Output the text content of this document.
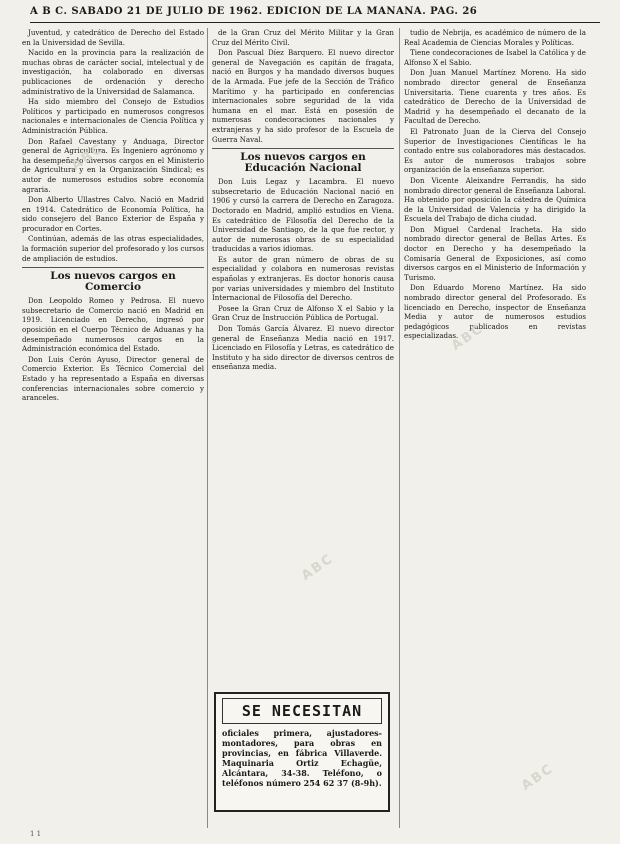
A B C. SABADO 21 DE JULIO DE 1962. EDICION DE LA MAÑANA. PAG. 26

Juventud, y catedrático de Derecho del Estado en la Universidad de Sevilla.

Nacido en la provincia para la realización de muchas obras de carácter social, intelectual y de investigación, ha colaborado en diversas publicaciones de ordenación y derecho administrativo de la Universidad de Salamanca.

Ha sido miembro del Consejo de Estudios Políticos y participado en numerosos congresos nacionales e internacionales de Ciencia Política y Administración Pública.

Don Rafael Cavestany y Anduaga, Director general de Agricultura. Es Ingeniero agrónomo y ha desempeñado diversos cargos en el Ministerio de Agricultura y en la Organización Sindical; es autor de numerosos estudios sobre economía agraria.

Don Alberto Ullastres Calvo. Nació en Madrid en 1914. Catedrático de Economía Política, ha sido consejero del Banco Exterior de España y procurador en Cortes.

Continúan, además de las otras especialidades, la formación superior del profesorado y los cursos de ampliación de estudios.

Los nuevos cargos en Comercio

Don Leopoldo Romeo y Pedrosa. El nuevo subsecretario de Comercio nació en Madrid en 1919. Licenciado en Derecho, ingresó por oposición en el Cuerpo Técnico de Aduanas y ha desempeñado numerosos cargos en la Administración económica del Estado.

Don Luis Cerón Ayuso, Director general de Comercio Exterior. Es Técnico Comercial del Estado y ha representado a España en diversas conferencias internacionales sobre comercio y aranceles.

de la Gran Cruz del Mérito Militar y la Gran Cruz del Mérito Civil.

Don Pascual Díez Barquero. El nuevo director general de Navegación es capitán de fragata, nació en Burgos y ha mandado diversos buques de la Armada. Fue jefe de la Sección de Tráfico Marítimo y ha participado en conferencias internacionales sobre seguridad de la vida humana en el mar. Está en posesión de numerosas condecoraciones nacionales y extranjeras y ha sido profesor de la Escuela de Guerra Naval.

Los nuevos cargos en Educación Nacional

Don Luis Legaz y Lacambra. El nuevo subsecretario de Educación Nacional nació en 1906 y cursó la carrera de Derecho en Zaragoza. Doctorado en Madrid, amplió estudios en Viena. Es catedrático de Filosofía del Derecho de la Universidad de Santiago, de la que fue rector, y autor de numerosas obras de su especialidad traducidas a varios idiomas.

Es autor de gran número de obras de su especialidad y colabora en numerosas revistas españolas y extranjeras. Es doctor honoris causa por varias universidades y miembro del Instituto Internacional de Filosofía del Derecho.

Posee la Gran Cruz de Alfonso X el Sabio y la Gran Cruz de Instrucción Pública de Portugal.

Don Tomás García Álvarez. El nuevo director general de Enseñanza Media nació en 1917. Licenciado en Filosofía y Letras, es catedrático de Instituto y ha sido director de diversos centros de enseñanza media.

SE NECESITAN
oficiales primera, ajustadores-montadores, para obras en provincias, en fábrica Villaverde. Maquinaria Ortiz Echagüe, Alcántara, 34-38. Teléfono, o teléfonos número 254 62 37 (8-9h).

tudio de Nebrija, es académico de número de la Real Academia de Ciencias Morales y Políticas.

Tiene condecoraciones de Isabel la Católica y de Alfonso X el Sabio.

Don Juan Manuel Martínez Moreno. Ha sido nombrado director general de Enseñanza Universitaria. Tiene cuarenta y tres años. Es catedrático de Derecho de la Universidad de Madrid y ha desempeñado el decanato de la Facultad de Derecho.

El Patronato Juan de la Cierva del Consejo Superior de Investigaciones Científicas le ha contado entre sus colaboradores más destacados. Es autor de numerosos trabajos sobre organización de la enseñanza superior.

Don Vicente Aleixandre Ferrandis, ha sido nombrado director general de Enseñanza Laboral. Ha obtenido por oposición la cátedra de Química de la Universidad de Valencia y ha dirigido la Escuela del Trabajo de dicha ciudad.

Don Miguel Cardenal Iracheta. Ha sido nombrado director general de Bellas Artes. Es doctor en Derecho y ha desempeñado la Comisaría General de Exposiciones, así como diversos cargos en el Ministerio de Información y Turismo.

Don Eduardo Moreno Martínez. Ha sido nombrado director general del Profesorado. Es licenciado en Derecho, inspector de Enseñanza Media y autor de numerosos estudios pedagógicos publicados en revistas especializadas.

ABC
ABC
ABC
ABC
1 1
